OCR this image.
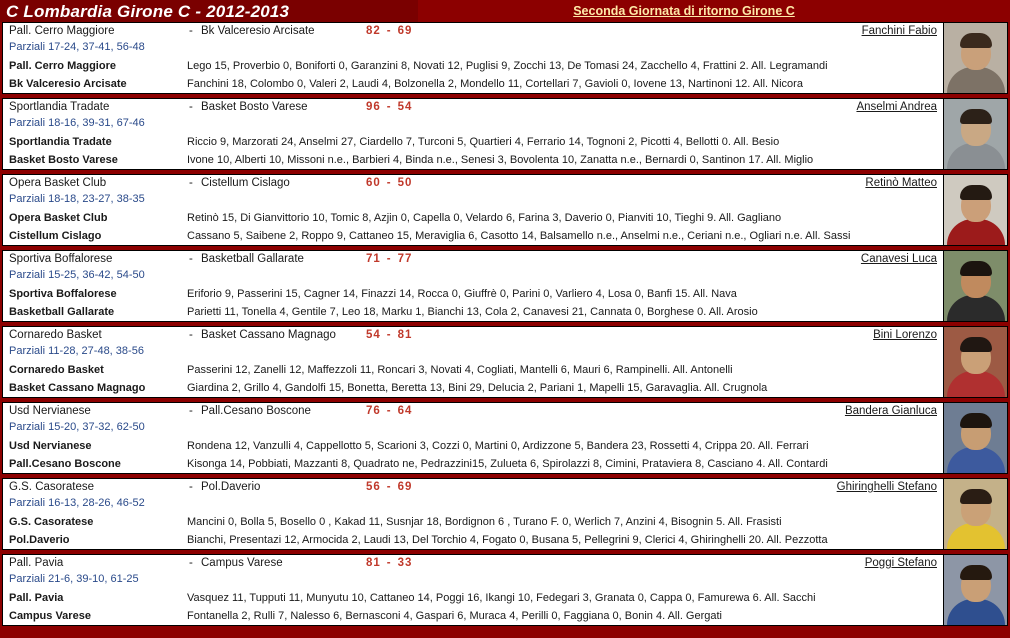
C Lombardia Girone C - 2012-2013	Seconda Giornata di ritorno Girone C
Pall. Cerro Maggiore	- Bk Valceresio Arcisate	82 - 69	Fanchini Fabio
Parziali 17-24, 37-41, 56-48
Pall. Cerro Maggiore	Lego 15, Proverbio 0, Boniforti 0, Garanzini 8, Novati 12, Puglisi 9, Zocchi 13, De Tomasi 24, Zacchello 4, Frattini 2. All. Legramandi
Bk Valceresio Arcisate	Fanchini 18, Colombo 0, Valeri 2, Laudi 4, Bolzonella 2, Mondello 11, Cortellari 7, Gavioli 0, Iovene 13, Nartinoni 12. All. Nicora
Sportlandia Tradate	- Basket Bosto Varese	96 - 54	Anselmi Andrea
Parziali 18-16, 39-31, 67-46
Sportlandia Tradate	Riccio 9, Marzorati 24, Anselmi 27, Ciardello 7, Turconi 5, Quartieri 4, Ferrario 14, Tognoni 2, Picotti 4, Bellotti 0. All. Besio
Basket Bosto Varese	Ivone 10, Alberti 10, Missoni n.e., Barbieri 4, Binda n.e., Senesi 3, Bovolenta 10, Zanatta n.e., Bernardi 0, Santinon 17. All. Miglio
Opera Basket Club	- Cistellum Cislago	60 - 50	Retinò Matteo
Parziali 18-18, 23-27, 38-35
Opera Basket Club	Retinò 15, Di Gianvittorio 10, Tomic 8, Azjin 0, Capella 0, Velardo 6, Farina 3, Daverio 0, Pianviti 10, Tieghi 9. All. Gagliano
Cistellum Cislago	Cassano 5, Saibene 2, Roppo 9, Cattaneo 15, Meraviglia 6, Casotto 14, Balsamello n.e., Anselmi n.e., Ceriani n.e., Ogliari n.e. All. Sassi
Sportiva Boffalorese	- Basketball Gallarate	71 - 77	Canavesi Luca
Parziali 15-25, 36-42, 54-50
Sportiva Boffalorese	Eriforio 9, Passerini 15, Cagner 14, Finazzi 14, Rocca 0, Giuffrè 0, Parini 0, Varliero 4, Losa 0, Banfi 15. All. Nava
Basketball Gallarate	Parietti 11, Tonella 4, Gentile 7, Leo 18, Marku 1, Bianchi 13, Cola 2, Canavesi 21, Cannata 0, Borghese 0. All. Arosio
Cornaredo Basket	- Basket Cassano Magnago	54 - 81	Bini Lorenzo
Parziali 11-28, 27-48, 38-56
Cornaredo Basket	Passerini 12, Zanelli 12, Maffezzoli 11, Roncari 3, Novati 4, Cogliati, Mantelli 6, Mauri 6, Rampinelli. All. Antonelli
Basket Cassano Magnago	Giardina 2, Grillo 4, Gandolfi 15, Bonetta, Beretta 13, Bini 29, Delucia 2, Pariani 1, Mapelli 15, Garavaglia. All. Crugnola
Usd Nervianese	- Pall.Cesano Boscone	76 - 64	Bandera Gianluca
Parziali 15-20, 37-32, 62-50
Usd Nervianese	Rondena 12, Vanzulli 4, Cappellotto 5, Scarioni 3, Cozzi 0, Martini 0, Ardizzone 5, Bandera 23, Rossetti 4, Crippa 20. All. Ferrari
Pall.Cesano Boscone	Kisonga 14, Pobbiati, Mazzanti 8, Quadrato ne, Pedrazzini15, Zulueta 6, Spirolazzi 8, Cimini, Prataviera 8, Casciano 4. All. Contardi
G.S. Casoratese	- Pol.Daverio	56 - 69	Ghiringhelli Stefano
Parziali 16-13, 28-26, 46-52
G.S. Casoratese	Mancini 0, Bolla 5, Bosello 0 , Kakad 11, Susnjar 18, Bordignon 6 , Turano F. 0, Werlich 7, Anzini 4, Bisognin 5. All. Frasisti
Pol.Daverio	Bianchi, Presentazi 12, Armocida 2, Laudi 13, Del Torchio 4, Fogato 0, Busana 5, Pellegrini 9, Clerici 4, Ghiringhelli 20. All. Pezzotta
Pall. Pavia	- Campus Varese	81 - 33	Poggi Stefano
Parziali 21-6, 39-10, 61-25
Pall. Pavia	Vasquez 11, Tupputi 11, Munyutu 10, Cattaneo 14, Poggi 16, Ikangi 10, Fedegari 3, Granata 0, Cappa 0, Famurewa 6. All. Sacchi
Campus Varese	Fontanella 2, Rulli 7, Nalesso 6, Bernasconi 4, Gaspari 6, Muraca 4, Perilli 0, Faggiana 0, Bonin 4. All. Gergati
